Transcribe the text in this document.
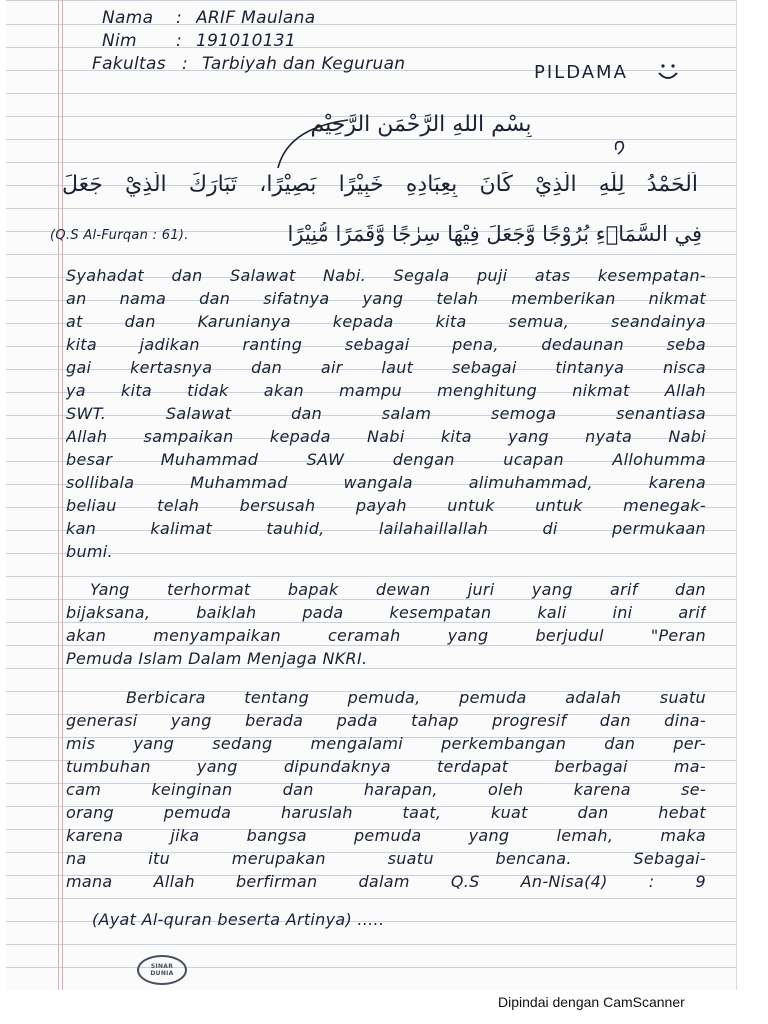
Nama	: ARIF Maulana
Nim	: 191010131
Fakultas : Tarbiyah dan Keguruan	PILDAMA
بِسْمِ اللهِ الرَّحْمَنِ الرَّحِيْمِ
اَلْحَمْدُ لِلّٰهِ الَّذِيْ كَانَ بِعِبَادِهِ خَبِيْرًا بَصِيْرًا، تَبَارَكَ الَّذِيْ جَعَلَ
فِي السَّمَاۤءِ بُرُوْجًا وَّجَعَلَ فِيْهَا سِرٰجًا وَّقَمَرًا مُّنِيْرًا
(Q.S Al-Furqan : 61).
Syahadat dan Salawat Nabi. Segala puji atas kesempatan-
an nama dan sifatnya yang telah memberikan nikmat
at dan Karunianya kepada kita semua, seandainya
kita jadikan ranting sebagai pena, dedaunan seba
gai kertasnya dan air laut sebagai tintanya nisca
ya kita tidak akan mampu menghitung nikmat Allah
SWT. Salawat dan salam semoga senantiasa
Allah sampaikan kepada Nabi kita yang nyata Nabi
besar Muhammad SAW dengan ucapan Allohumma
sollibala Muhammad wangala alimuhammad, karena
beliau telah bersusah payah untuk untuk menegak-
kan kalimat tauhid, lailahaillallah di permukaan
bumi.
Yang terhormat bapak dewan juri yang arif dan
bijaksana, baiklah pada kesempatan kali ini arif
akan menyampaikan ceramah yang berjudul "Peran
Pemuda Islam Dalam Menjaga NKRI.
Berbicara tentang pemuda, pemuda adalah suatu
generasi yang berada pada tahap progresif dan dina-
mis yang sedang mengalami perkembangan dan per-
tumbuhan yang dipundaknya terdapat berbagai ma-
cam keinginan dan harapan, oleh karena se-
orang pemuda haruslah taat, kuat dan hebat
karena jika bangsa pemuda yang lemah, maka
na itu merupakan suatu bencana. Sebagai-
mana Allah berfirman dalam Q.S An-Nisa(4) : 9
(Ayat Al-quran beserta Artinya) .....
SINAR
DUNIA
Dipindai dengan CamScanner
